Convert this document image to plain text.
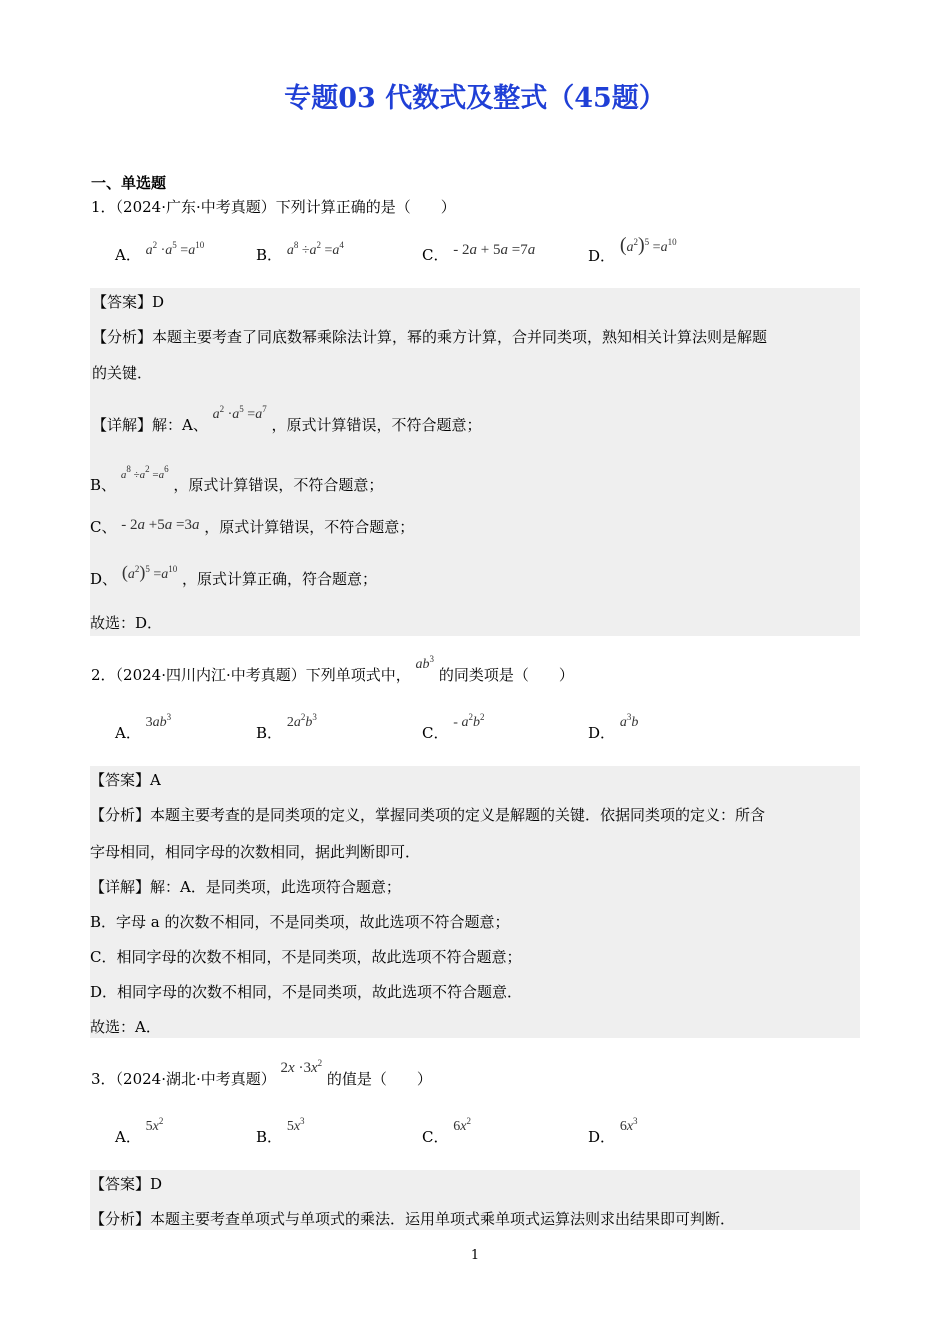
专题03 代数式及整式（45题）
一、单选题
1．（2024·广东·中考真题）下列计算正确的是（　　）
A． $a^2 \cdot a^5 =a^{10}$
B． $a^8 \div a^2 =a^4$
C． - 2a + 5a =7a	D． $(a^2)^5 =a^{10}$
【答案】D
【分析】本题主要考查了同底数幂乘除法计算，幂的乘方计算，合并同类项，熟知相关计算法则是解题
的关键．
【详解】解：A、 $a^2 \cdot a^5 =a^7$ ，原式计算错误，不符合题意；
B、 $^{a^8 \div a^2 =a^6}$ ，原式计算错误，不符合题意；
C、 - 2a +5a =3a ，原式计算错误，不符合题意；
D、 $(a^2)^5 =a^{10}$ ，原式计算正确，符合题意；
故选：D．
2．（2024·四川内江·中考真题）下列单项式中， $ab^3$ 的同类项是（　　）
A． $3ab^3$
B． $2a^2b^3$
C． - $a^2b^2$
D． $a^3b$
【答案】A
【分析】本题主要考查的是同类项的定义，掌握同类项的定义是解题的关键．依据同类项的定义：所含
字母相同，相同字母的次数相同，据此判断即可．
【详解】解：A．是同类项，此选项符合题意；
B．字母 a 的次数不相同，不是同类项，故此选项不符合题意；
C．相同字母的次数不相同，不是同类项，故此选项不符合题意；
D．相同字母的次数不相同，不是同类项，故此选项不符合题意．
故选：A．
3．（2024·湖北·中考真题） $2x \cdot 3x^2$ 的值是（　　）
A． $5x^2$
B． $5x^3$
C． $6x^2$
D． $6x^3$
【答案】D
【分析】本题主要考查单项式与单项式的乘法．运用单项式乘单项式运算法则求出结果即可判断．
1
